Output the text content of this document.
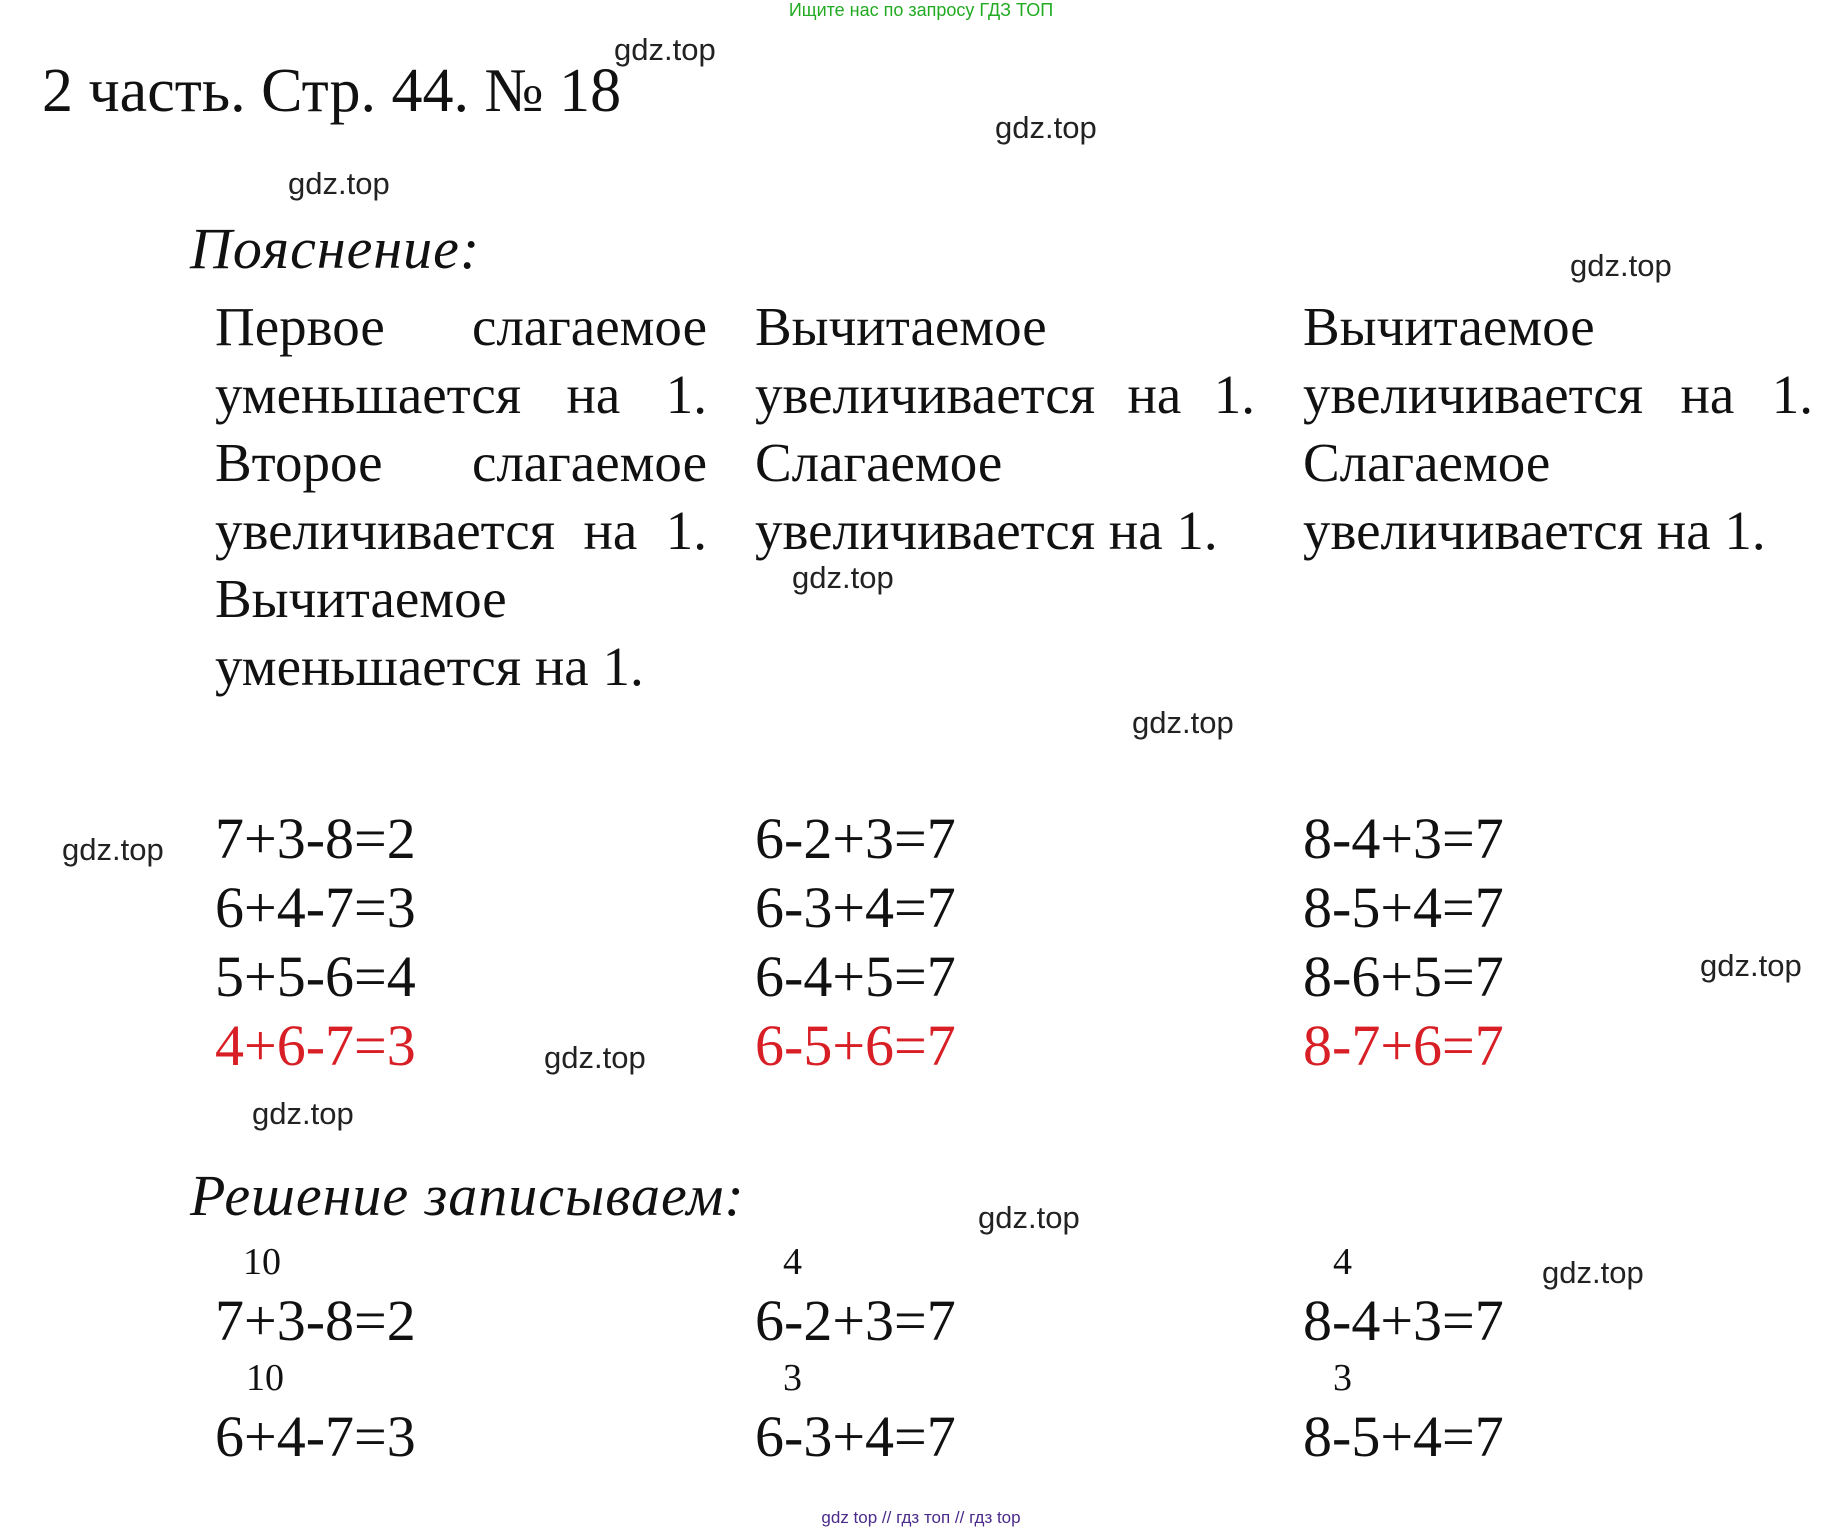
Ищите нас по запросу ГДЗ ТОП
2 часть. Стр. 44. № 18
gdz.top
gdz.top
gdz.top
gdz.top
gdz.top
gdz.top
gdz.top
gdz.top
gdz.top
gdz.top
gdz.top
gdz.top
Пояснение:
Первое слагаемое уменьшается на 1. Второе слагаемое увеличивается на 1. Вычитаемое уменьшается на 1.
Вычитаемое увеличивается на 1. Слагаемое увеличивается на 1.
Вычитаемое увеличивается на 1. Слагаемое увеличивается на 1.
7+3-8=2
6+4-7=3
5+5-6=4
4+6-7=3
6-2+3=7
6-3+4=7
6-4+5=7
6-5+6=7
8-4+3=7
8-5+4=7
8-6+5=7
8-7+6=7
Решение записываем:
10
7+3-8=2
10
6+4-7=3
4
6-2+3=7
3
6-3+4=7
4
8-4+3=7
3
8-5+4=7
gdz top // гдз топ // гдз top
